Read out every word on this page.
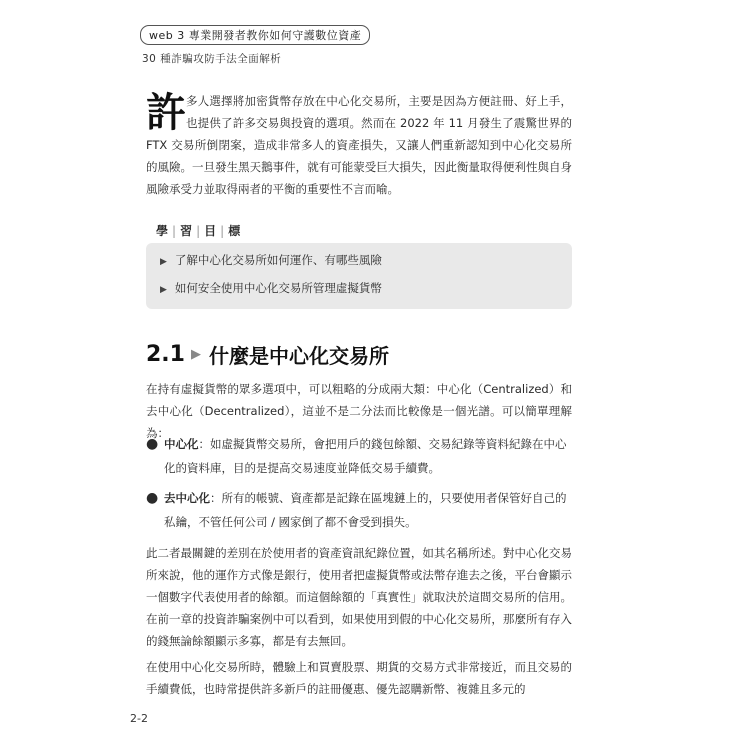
web 3 專業開發者教你如何守護數位資產
30 種詐騙攻防手法全面解析
許 多人選擇將加密貨幣存放在中心化交易所，主要是因為方便註冊、好上手，也提供了許多交易與投資的選項。然而在 2022 年 11 月發生了震驚世界的 FTX 交易所倒閉案，造成非常多人的資產損失，又讓人們重新認知到中心化交易所的風險。一旦發生黑天鵝事件，就有可能蒙受巨大損失，因此衡量取得便利性與自身風險承受力並取得兩者的平衡的重要性不言而喻。

學 | 習 | 目 | 標
▶ 了解中心化交易所如何運作、有哪些風險
▶ 如何安全使用中心化交易所管理虛擬貨幣
2.1 ▶ 什麼是中心化交易所

在持有虛擬貨幣的眾多選項中，可以粗略的分成兩大類：中心化（Centralized）和去中心化（Decentralized），這並不是二分法而比較像是一個光譜。可以簡單理解為：

● 中心化：如虛擬貨幣交易所，會把用戶的錢包餘額、交易紀錄等資料紀錄在中心化的資料庫，目的是提高交易速度並降低交易手續費。
● 去中心化：所有的帳號、資產都是記錄在區塊鏈上的，只要使用者保管好自己的私鑰，不管任何公司 / 國家倒了都不會受到損失。

此二者最關鍵的差別在於使用者的資產資訊紀錄位置，如其名稱所述。對中心化交易所來說，他的運作方式像是銀行，使用者把虛擬貨幣或法幣存進去之後，平台會顯示一個數字代表使用者的餘額。而這個餘額的「真實性」就取決於這間交易所的信用。在前一章的投資詐騙案例中可以看到，如果使用到假的中心化交易所，那麼所有存入的錢無論餘額顯示多寡，都是有去無回。

在使用中心化交易所時，體驗上和買賣股票、期貨的交易方式非常接近，而且交易的手續費低，也時常提供許多新戶的註冊優惠、優先認購新幣、複雜且多元的

2-2
